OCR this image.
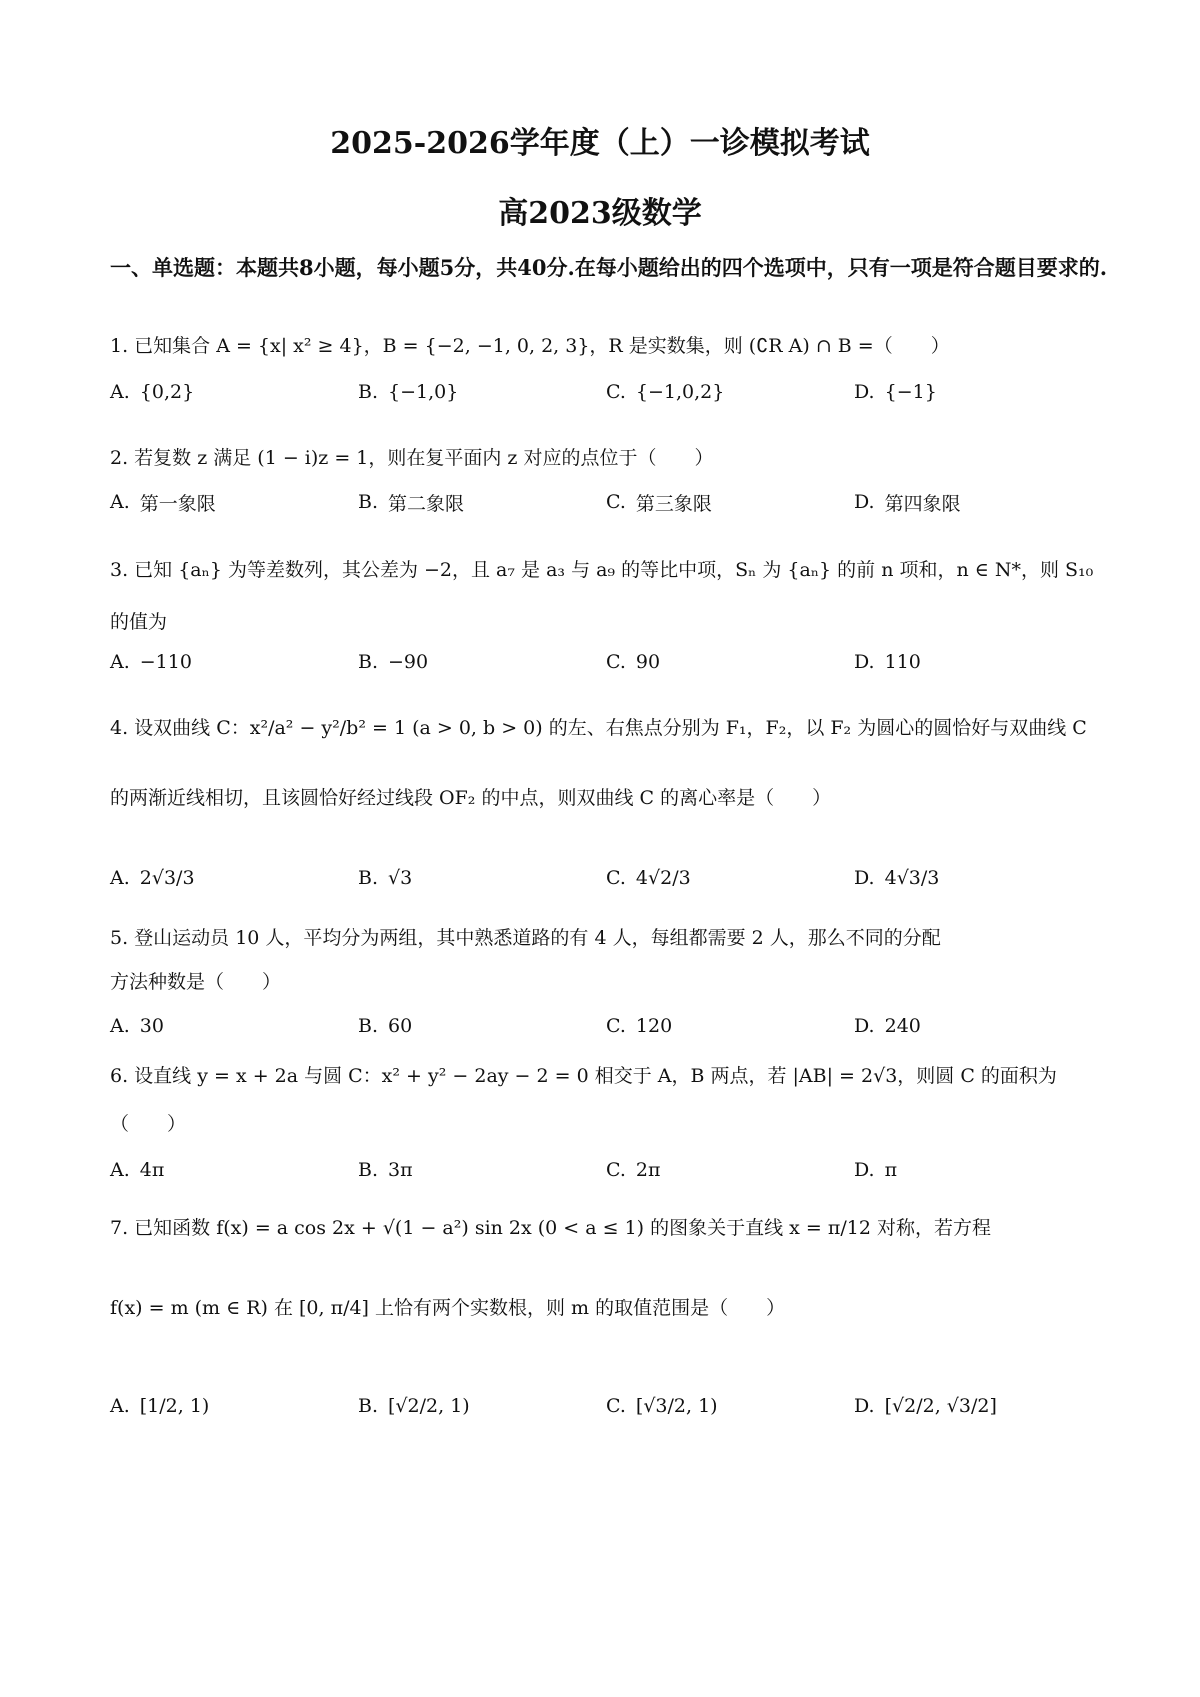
2025-2026学年度（上）一诊模拟考试
高2023级数学
一、单选题：本题共8小题，每小题5分，共40分.在每小题给出的四个选项中，只有一项是符合题目要求的.
1. 已知集合 A = {x| x² ≥ 4}，B = {−2, −1, 0, 2, 3}，R 是实数集，则 (∁R A) ∩ B =（　　）
A. {0,2}	B. {−1,0}	C. {−1,0,2}	D. {−1}
2. 若复数 z 满足 (1 − i)z = 1，则在复平面内 z 对应的点位于（　　）
A. 第一象限	B. 第二象限	C. 第三象限	D. 第四象限
3. 已知 {aₙ} 为等差数列，其公差为 −2，且 a₇ 是 a₃ 与 a₉ 的等比中项，Sₙ 为 {aₙ} 的前 n 项和，n ∈ N*，则 S₁₀
的值为
A. −110	B. −90	C. 90	D. 110
4. 设双曲线 C：x²/a² − y²/b² = 1 (a > 0, b > 0) 的左、右焦点分别为 F₁，F₂，以 F₂ 为圆心的圆恰好与双曲线 C
的两渐近线相切，且该圆恰好经过线段 OF₂ 的中点，则双曲线 C 的离心率是（　　）
A. 2√3/3	B. √3	C. 4√2/3	D. 4√3/3
5. 登山运动员 10 人，平均分为两组，其中熟悉道路的有 4 人，每组都需要 2 人，那么不同的分配
方法种数是（　　）
A. 30	B. 60	C. 120	D. 240
6. 设直线 y = x + 2a 与圆 C：x² + y² − 2ay − 2 = 0 相交于 A，B 两点，若 |AB| = 2√3，则圆 C 的面积为
（　　）
A. 4π	B. 3π	C. 2π	D. π
7. 已知函数 f(x) = a cos 2x + √(1 − a²) sin 2x (0 < a ≤ 1) 的图象关于直线 x = π/12 对称，若方程
f(x) = m (m ∈ R) 在 [0, π/4] 上恰有两个实数根，则 m 的取值范围是（　　）
A. [1/2, 1)	B. [√2/2, 1)	C. [√3/2, 1)	D. [√2/2, √3/2]
